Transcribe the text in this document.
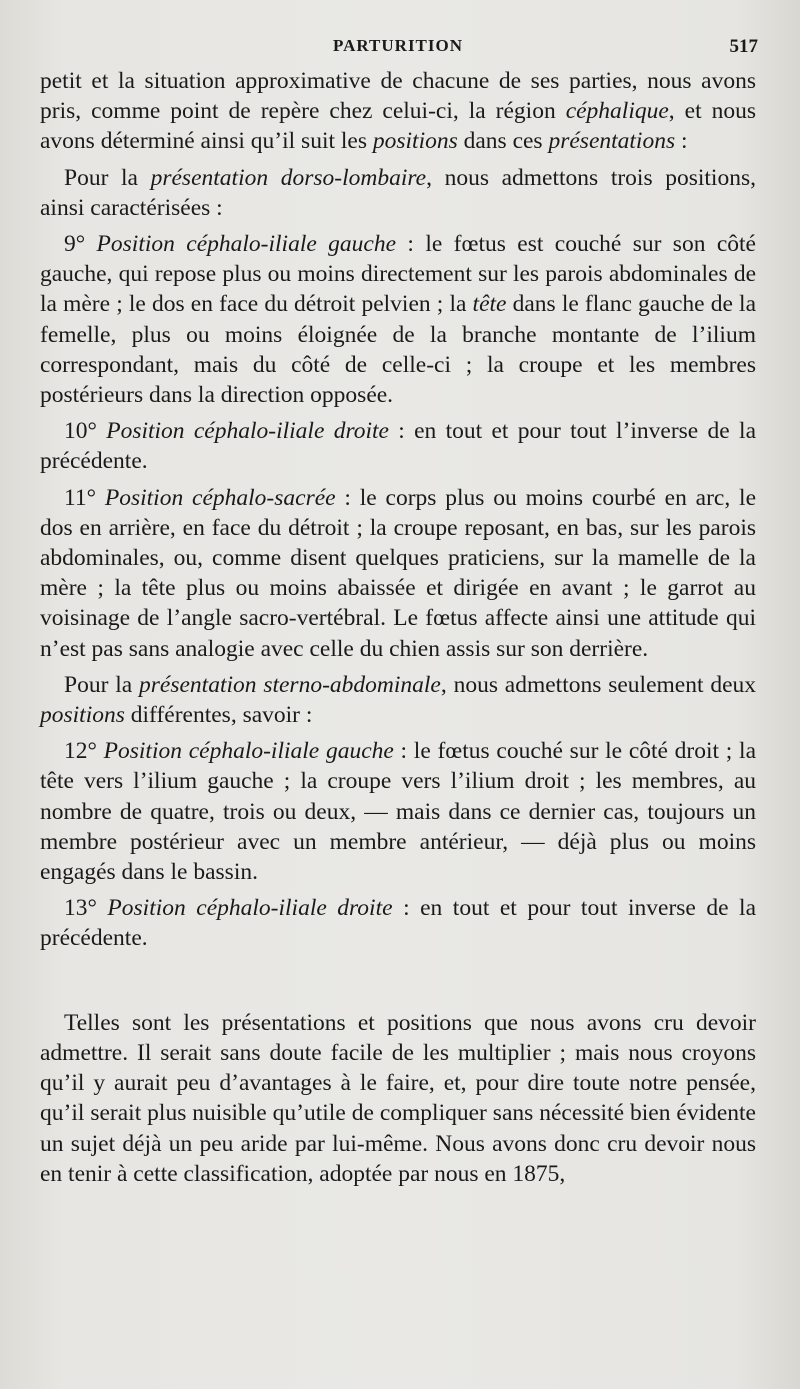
PARTURITION	517

petit et la situation approximative de chacune de ses parties, nous avons pris, comme point de repère chez celui-ci, la région céphalique, et nous avons déterminé ainsi qu’il suit les positions dans ces présentations :

Pour la présentation dorso-lombaire, nous admettons trois positions, ainsi caractérisées :

9° Position céphalo-iliale gauche : le fœtus est couché sur son côté gauche, qui repose plus ou moins directement sur les parois abdominales de la mère ; le dos en face du détroit pelvien ; la tête dans le flanc gauche de la femelle, plus ou moins éloignée de la branche montante de l’ilium correspondant, mais du côté de celle-ci ; la croupe et les membres postérieurs dans la direction opposée.

10° Position céphalo-iliale droite : en tout et pour tout l’inverse de la précédente.

11° Position céphalo-sacrée : le corps plus ou moins courbé en arc, le dos en arrière, en face du détroit ; la croupe reposant, en bas, sur les parois abdominales, ou, comme disent quelques praticiens, sur la mamelle de la mère ; la tête plus ou moins abaissée et dirigée en avant ; le garrot au voisinage de l’angle sacro-vertébral. Le fœtus affecte ainsi une attitude qui n’est pas sans analogie avec celle du chien assis sur son derrière.

Pour la présentation sterno-abdominale, nous admettons seulement deux positions différentes, savoir :

12° Position céphalo-iliale gauche : le fœtus couché sur le côté droit ; la tête vers l’ilium gauche ; la croupe vers l’ilium droit ; les membres, au nombre de quatre, trois ou deux, — mais dans ce dernier cas, toujours un membre postérieur avec un membre antérieur, — déjà plus ou moins engagés dans le bassin.

13° Position céphalo-iliale droite : en tout et pour tout inverse de la précédente.

Telles sont les présentations et positions que nous avons cru devoir admettre. Il serait sans doute facile de les multiplier ; mais nous croyons qu’il y aurait peu d’avantages à le faire, et, pour dire toute notre pensée, qu’il serait plus nuisible qu’utile de compliquer sans nécessité bien évidente un sujet déjà un peu aride par lui-même. Nous avons donc cru devoir nous en tenir à cette classification, adoptée par nous en 1875,
